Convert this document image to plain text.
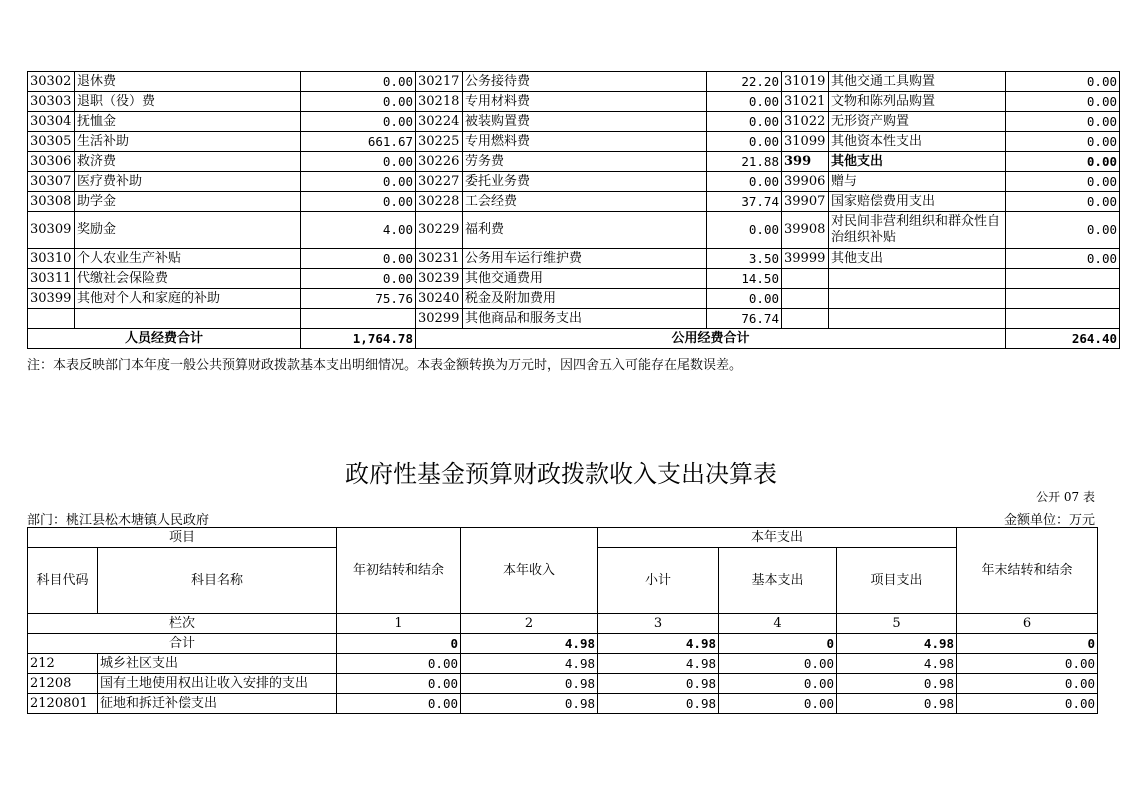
30302	退休费	0.00	30217	公务接待费	22.20	31019	其他交通工具购置	0.00
30303	退职（役）费	0.00	30218	专用材料费	0.00	31021	文物和陈列品购置	0.00
30304	抚恤金	0.00	30224	被装购置费	0.00	31022	无形资产购置	0.00
30305	生活补助	661.67	30225	专用燃料费	0.00	31099	其他资本性支出	0.00
30306	救济费	0.00	30226	劳务费	21.88	399	其他支出	0.00
30307	医疗费补助	0.00	30227	委托业务费	0.00	39906	赠与	0.00
30308	助学金	0.00	30228	工会经费	37.74	39907	国家赔偿费用支出	0.00
30309	奖励金	4.00	30229	福利费	0.00	39908	对民间非营利组织和群众性自治组织补贴	0.00
30310	个人农业生产补贴	0.00	30231	公务用车运行维护费	3.50	39999	其他支出	0.00
30311	代缴社会保险费	0.00	30239	其他交通费用	14.50			
30399	其他对个人和家庭的补助	75.76	30240	税金及附加费用	0.00			
			30299	其他商品和服务支出	76.74			
人员经费合计		1,764.78	公用经费合计					264.40
注：本表反映部门本年度一般公共预算财政拨款基本支出明细情况。本表金额转换为万元时，因四舍五入可能存在尾数误差。
政府性基金预算财政拨款收入支出决算表
公开 07 表
部门：桃江县松木塘镇人民政府	金额单位：万元
项目		年初结转和结余	本年收入	本年支出			年末结转和结余
科目代码	科目名称			小计	基本支出	项目支出	
栏次		1	2	3	4	5	6
合计		0	4.98	4.98	0	4.98	0
212	城乡社区支出	0.00	4.98	4.98	0.00	4.98	0.00
21208	国有土地使用权出让收入安排的支出	0.00	0.98	0.98	0.00	0.98	0.00
2120801	征地和拆迁补偿支出	0.00	0.98	0.98	0.00	0.98	0.00
